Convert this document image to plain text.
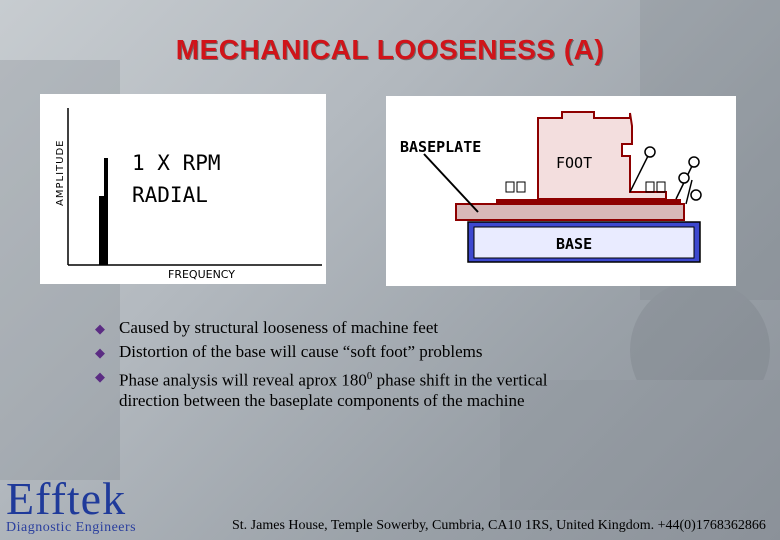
MECHANICAL LOOSENESS (A)
AMPLITUDE
FREQUENCY
1 X RPM
RADIAL
BASEPLATE
FOOT
BASE
◆ Caused by structural looseness of machine feet
◆ Distortion of the base will cause “soft foot” problems
◆ Phase analysis will reveal aprox $180^0$ phase shift in the vertical
direction between the baseplate components of the machine
Efftek
Diagnostic Engineers	St. James House, Temple Sowerby, Cumbria, CA10 1RS, United Kingdom. +44(0)1768362866
